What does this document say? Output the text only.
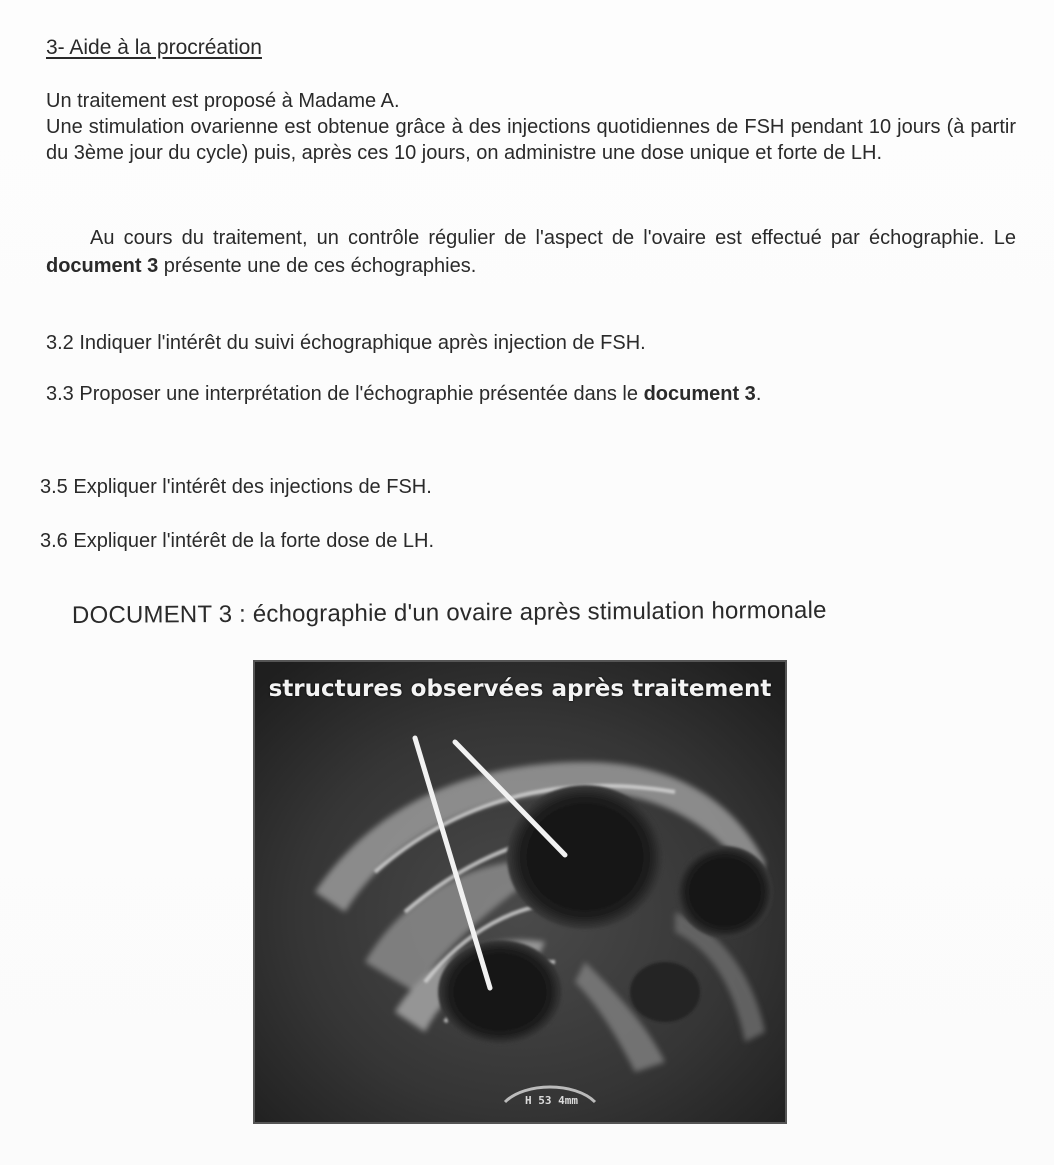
3- Aide à la procréation

Un traitement est proposé à Madame A.

Une stimulation ovarienne est obtenue grâce à des injections quotidiennes de FSH pendant 10 jours (à partir du 3ème jour du cycle) puis, après ces 10 jours, on administre une dose unique et forte de LH.

Au cours du traitement, un contrôle régulier de l'aspect de l'ovaire est effectué par échographie. Le document 3 présente une de ces échographies.
3.2 Indiquer l'intérêt du suivi échographique après injection de FSH.
3.3 Proposer une interprétation de l'échographie présentée dans le document 3.
3.5 Expliquer l'intérêt des injections de FSH.
3.6 Expliquer l'intérêt de la forte dose de LH.
DOCUMENT 3 : échographie d'un ovaire après stimulation hormonale
structures observées après traitement
H 53 4mm
